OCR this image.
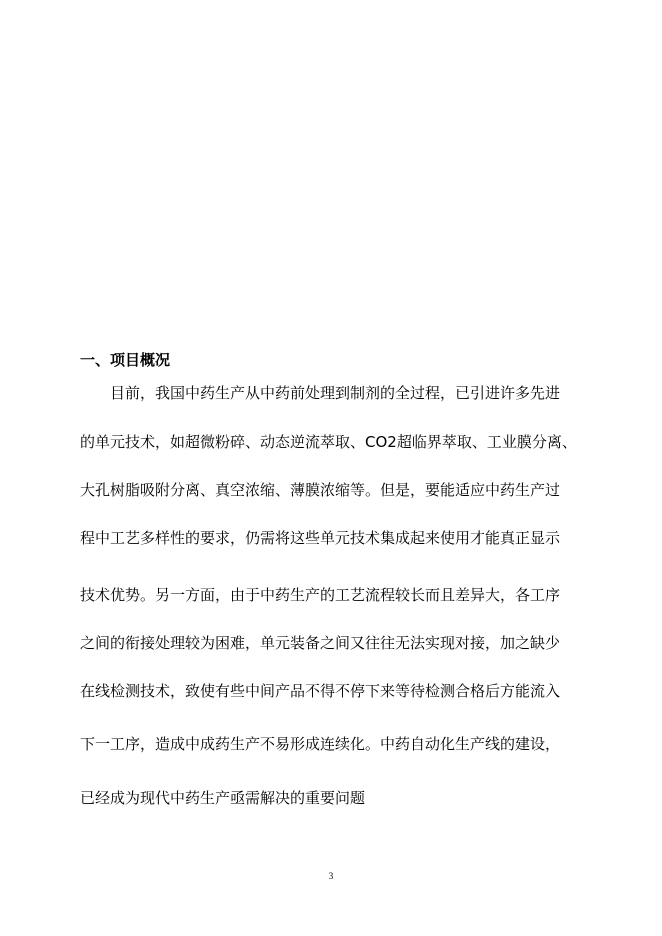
一、项目概况
目前，我国中药生产从中药前处理到制剂的全过程，已引进许多先进
的单元技术，如超微粉碎、动态逆流萃取、CO2超临界萃取、工业膜分离、
大孔树脂吸附分离、真空浓缩、薄膜浓缩等。但是，要能适应中药生产过
程中工艺多样性的要求，仍需将这些单元技术集成起来使用才能真正显示
技术优势。另一方面，由于中药生产的工艺流程较长而且差异大，各工序
之间的衔接处理较为困难，单元装备之间又往往无法实现对接，加之缺少
在线检测技术，致使有些中间产品不得不停下来等待检测合格后方能流入
下一工序，造成中成药生产不易形成连续化。中药自动化生产线的建设，
已经成为现代中药生产亟需解决的重要问题
3
